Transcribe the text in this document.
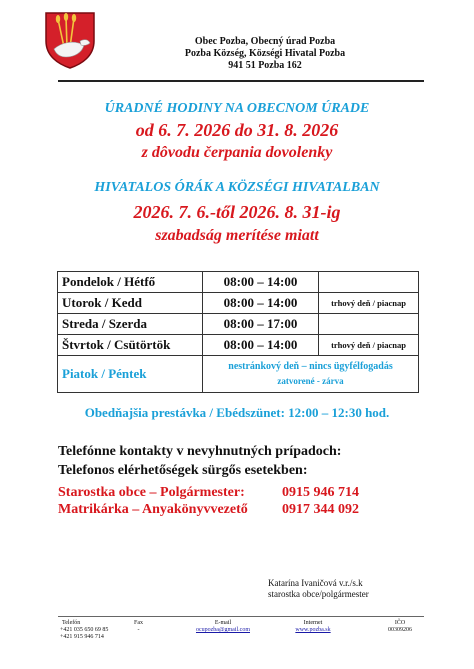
Obec Pozba, Obecný úrad Pozba
Pozba Község, Községi Hivatal Pozba
941 51 Pozba 162
ÚRADNÉ HODINY NA OBECNOM ÚRADE
od 6. 7. 2026 do 31. 8. 2026
z dôvodu čerpania dovolenky
HIVATALOS ÓRÁK A KÖZSÉGI HIVATALBAN
2026. 7. 6.-től 2026. 8. 31-ig
szabadság merítése miatt
Pondelok / Hétfő	08:00 – 14:00	
Utorok / Kedd	08:00 – 14:00	trhový deň / piacnap
Streda / Szerda	08:00 – 17:00	
Štvrtok / Csütörtök	08:00 – 14:00	trhový deň / piacnap
Piatok / Péntek	nestránkový deň – nincs ügyfélfogadás
zatvorené - zárva	
Obedňajšia prestávka / Ebédszünet: 12:00 – 12:30 hod.
Telefónne kontakty v nevyhnutných prípadoch:
Telefonos elérhetőségek sürgős esetekben:
Starostka obce – Polgármester:	0915 946 714
Matrikárka – Anyakönyvvezető 0917 344 092
Katarína Ivaničová v.r./s.k
starostka obce/polgármester
Telefón
+421 035 650 69 85
+421 915 946 714
Fax
-
E-mail
ocupozba@gmail.com
Internet
www.pozba.sk
IČO
00309206
